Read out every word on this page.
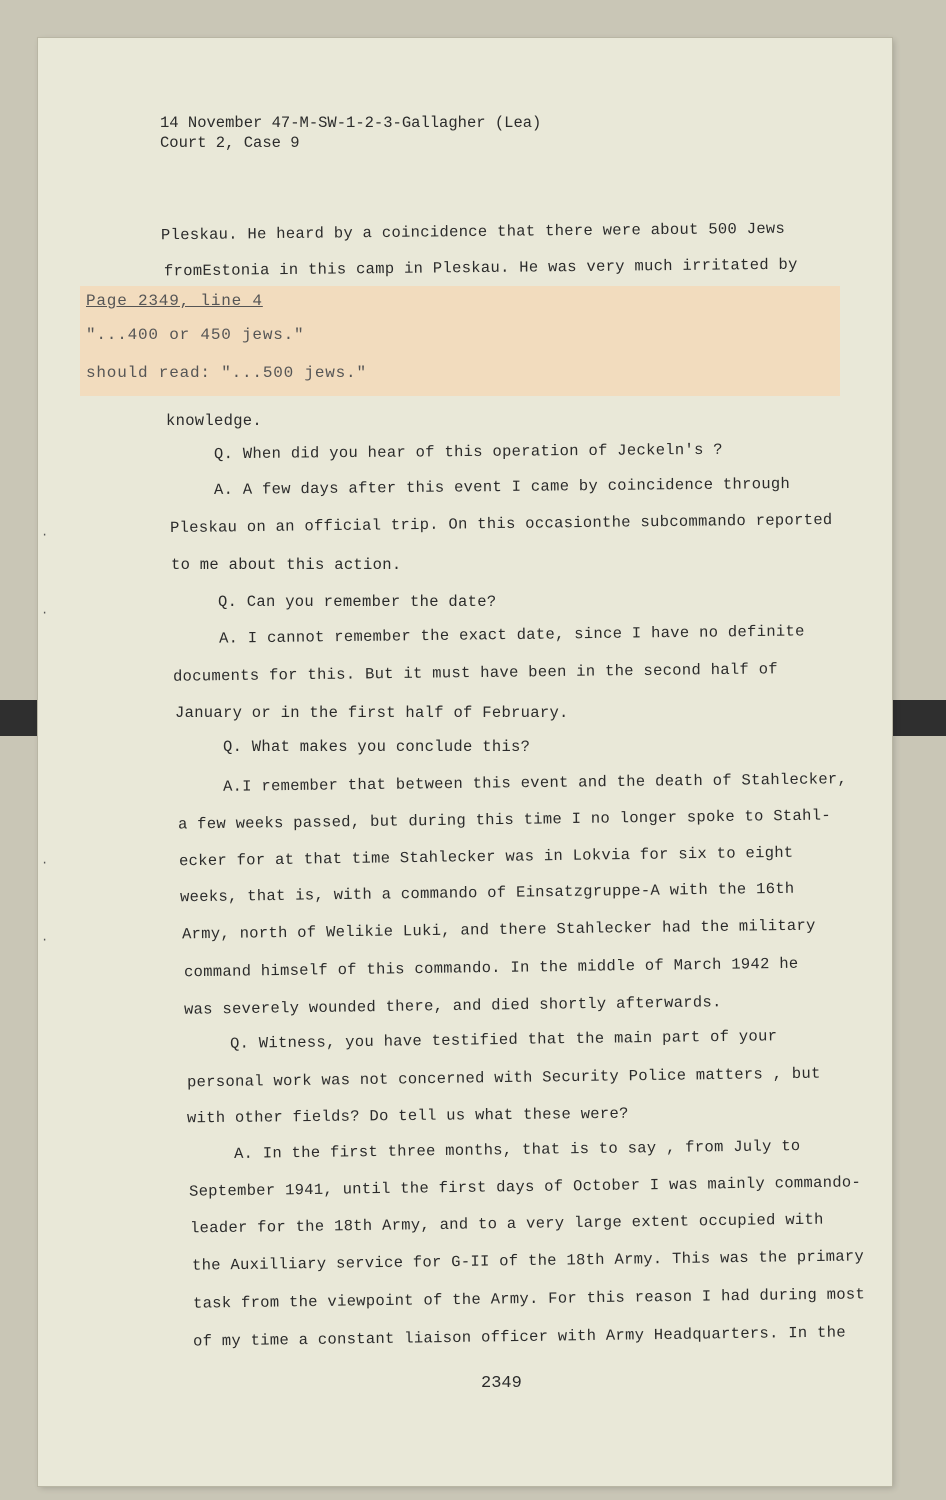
14 November 47-M-SW-1-2-3-Gallagher (Lea)
Court 2, Case 9
Pleskau. He heard by a coincidence that there were about 500 Jews
fromEstonia in this camp in Pleskau. He was very much irritated by
Page 2349, line 4
"...400 or 450 jews."
should read: "...500 jews."
knowledge.
Q. When did you hear of this operation of Jeckeln's ?
A. A few days after this event I came by coincidence through
Pleskau on an official trip. On this occasionthe subcommando reported
to me about this action.
Q. Can you remember the date?
A. I cannot remember the exact date, since I have no definite
documents for this. But it must have been in the second half of
January or in the first half of February.
Q. What makes you conclude this?
A.I remember that between this event and the death of Stahlecker,
a few weeks passed, but during this time I no longer spoke to Stahl-
ecker for at that time Stahlecker was in Lokvia for six to eight
weeks, that is, with a commando of Einsatzgruppe-A with the 16th
Army, north of Welikie Luki, and there Stahlecker had the military
command himself of this commando. In the middle of March 1942 he
was severely wounded there, and died shortly afterwards.
Q. Witness, you have testified that the main part of your
personal work was not concerned with Security Police matters , but
with other fields? Do tell us what these were?
A. In the first three months, that is to say , from July to
September 1941, until the first days of October I was mainly commando-
leader for the 18th Army, and to a very large extent occupied with
the Auxilliary service for G-II of the 18th Army. This was the primary
task from the viewpoint of the Army. For this reason I had during most
of my time a constant liaison officer with Army Headquarters. In the
2349
·
·
·
·
